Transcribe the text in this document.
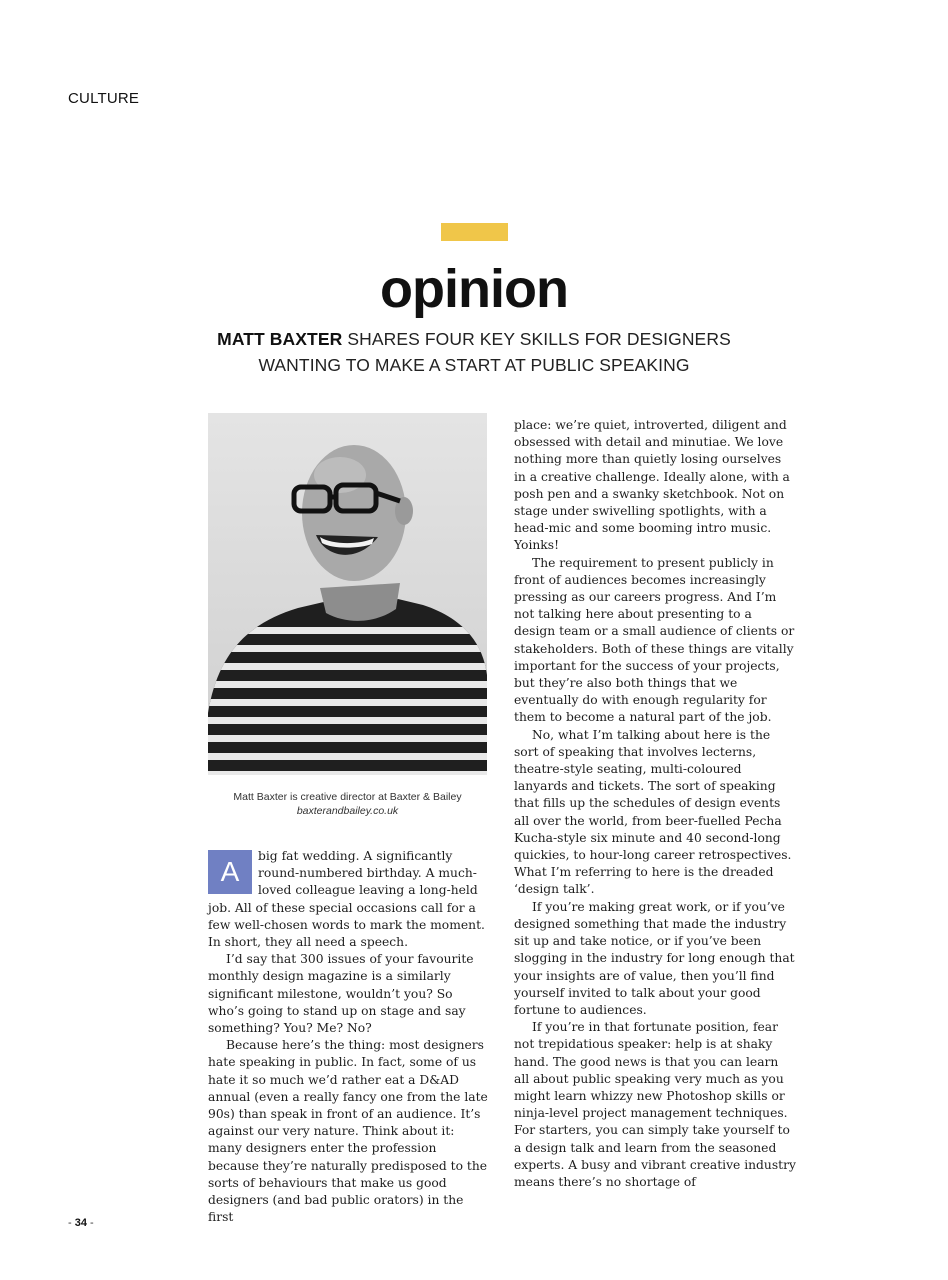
CULTURE
opinion
MATT BAXTER SHARES FOUR KEY SKILLS FOR DESIGNERS WANTING TO MAKE A START AT PUBLIC SPEAKING
Matt Baxter is creative director at Baxter & Bailey
baxterandbailey.co.uk

A	big fat wedding. A significantly round-numbered birthday. A much-loved colleague leaving a long-held job. All of these special occasions call for a few well-chosen words to mark the moment. In short, they all need a speech.

I’d say that 300 issues of your favourite monthly design magazine is a similarly significant milestone, wouldn’t you? So who’s going to stand up on stage and say something? You? Me? No?

Because here’s the thing: most designers hate speaking in public. In fact, some of us hate it so much we’d rather eat a D&AD annual (even a really fancy one from the late 90s) than speak in front of an audience. It’s against our very nature. Think about it: many designers enter the profession because they’re naturally predisposed to the sorts of behaviours that make us good designers (and bad public orators) in the first

place: we’re quiet, introverted, diligent and obsessed with detail and minutiae. We love nothing more than quietly losing ourselves in a creative challenge. Ideally alone, with a posh pen and a swanky sketchbook. Not on stage under swivelling spotlights, with a head-mic and some booming intro music. Yoinks!

The requirement to present publicly in front of audiences becomes increasingly pressing as our careers progress. And I’m not talking here about presenting to a design team or a small audience of clients or stakeholders. Both of these things are vitally important for the success of your projects, but they’re also both things that we eventually do with enough regularity for them to become a natural part of the job.

No, what I’m talking about here is the sort of speaking that involves lecterns, theatre-style seating, multi-coloured lanyards and tickets. The sort of speaking that fills up the schedules of design events all over the world, from beer-fuelled Pecha Kucha-style six minute and 40 second-long quickies, to hour-long career retrospectives. What I’m referring to here is the dreaded ‘design talk’.

If you’re making great work, or if you’ve designed something that made the industry sit up and take notice, or if you’ve been slogging in the industry for long enough that your insights are of value, then you’ll find yourself invited to talk about your good fortune to audiences.

If you’re in that fortunate position, fear not trepidatious speaker: help is at shaky hand. The good news is that you can learn all about public speaking very much as you might learn whizzy new Photoshop skills or ninja-level project management techniques. For starters, you can simply take yourself to a design talk and learn from the seasoned experts. A busy and vibrant creative industry means there’s no shortage of

- 34 -
